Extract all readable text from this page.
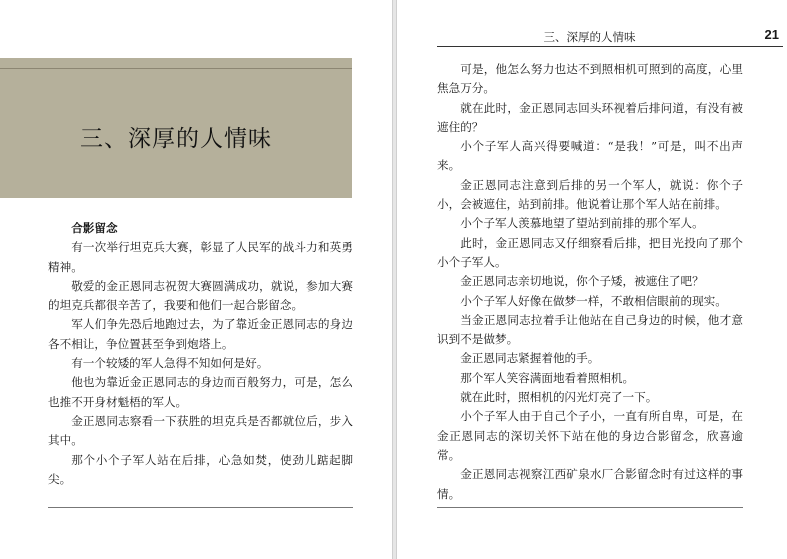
三、深厚的人情味

合影留念

有一次举行坦克兵大赛，彰显了人民军的战斗力和英勇精神。

敬爱的金正恩同志祝贺大赛圆满成功，就说，参加大赛的坦克兵都很辛苦了，我要和他们一起合影留念。

军人们争先恐后地跑过去，为了靠近金正恩同志的身边各不相让，争位置甚至争到炮塔上。

有一个较矮的军人急得不知如何是好。

他也为靠近金正恩同志的身边而百般努力，可是，怎么也推不开身材魁梧的军人。

金正恩同志察看一下获胜的坦克兵是否都就位后，步入其中。

那个小个子军人站在后排，心急如焚，使劲儿踮起脚尖。

三、深厚的人情味	21

可是，他怎么努力也达不到照相机可照到的高度，心里焦急万分。

就在此时，金正恩同志回头环视着后排问道，有没有被遮住的？

小个子军人高兴得要喊道：“是我！”可是，叫不出声来。

金正恩同志注意到后排的另一个军人，就说：你个子小，会被遮住，站到前排。他说着让那个军人站在前排。

小个子军人羡慕地望了望站到前排的那个军人。

此时，金正恩同志又仔细察看后排，把目光投向了那个小个子军人。

金正恩同志亲切地说，你个子矮，被遮住了吧？

小个子军人好像在做梦一样，不敢相信眼前的现实。

当金正恩同志拉着手让他站在自己身边的时候，他才意识到不是做梦。

金正恩同志紧握着他的手。

那个军人笑容满面地看着照相机。

就在此时，照相机的闪光灯亮了一下。

小个子军人由于自己个子小，一直有所自卑，可是，在金正恩同志的深切关怀下站在他的身边合影留念，欣喜逾常。

金正恩同志视察江西矿泉水厂合影留念时有过这样的事情。
